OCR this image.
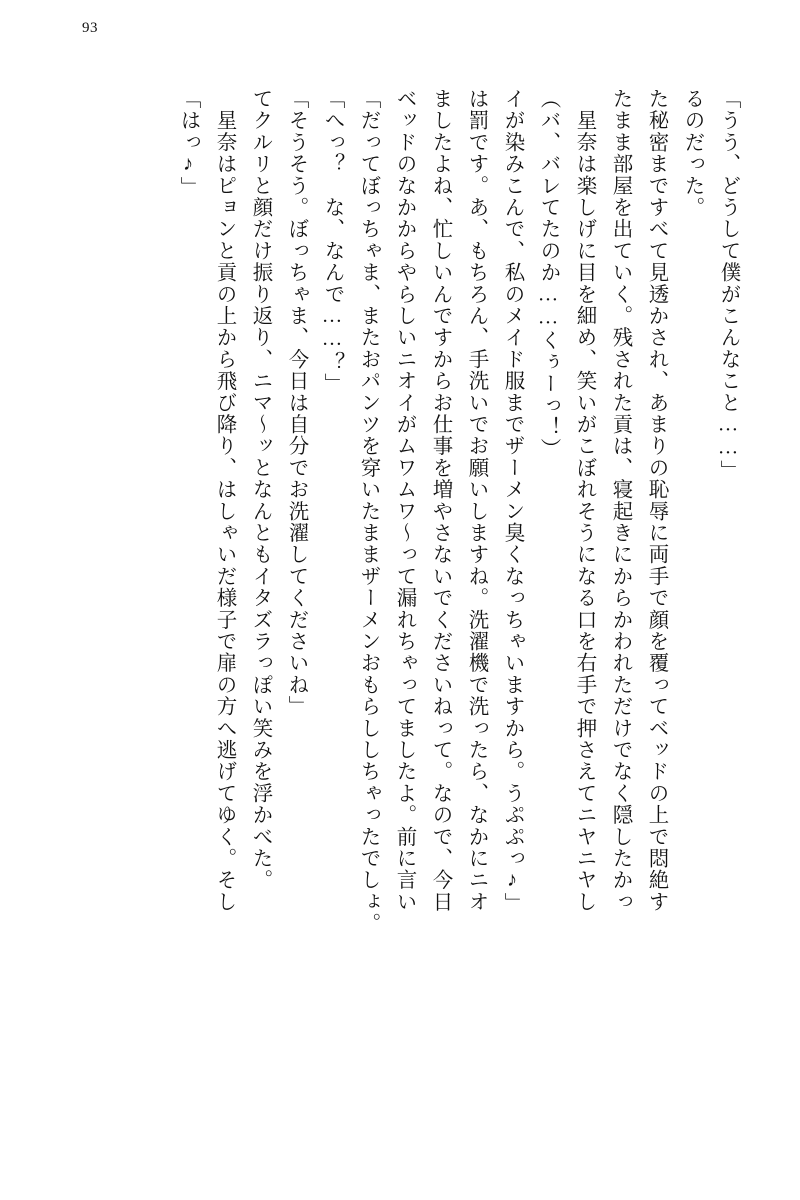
93

「うう、どうして僕がこんなこと……」

るのだった。

た秘密まですべて見透かされ、あまりの恥辱に両手で顔を覆ってベッドの上で悶絶す

たまま部屋を出ていく。残された貢は、寝起きにからかわれただけでなく隠したかっ

　星奈は楽しげに目を細め、笑いがこぼれそうになる口を右手で押さえてニヤニヤし

（バ、バレてたのか……くぅーっ！）

イが染みこんで、私のメイド服までザーメン臭くなっちゃいますから。うぷぷっ♪」

は罰です。あ、もちろん、手洗いでお願いしますね。洗濯機で洗ったら、なかにニオ

ましたよね、忙しいんですからお仕事を増やさないでくださいねって。なので、今日

ベッドのなかからやらしいニオイがムワムワ〜って漏れちゃってましたよ。前に言い

「だってぼっちゃま、またおパンツを穿いたままザーメンおもらししちゃったでしょ。

「へっ？　な、なんで……？」

「そうそう。ぼっちゃま、今日は自分でお洗濯してくださいね」

てクルリと顔だけ振り返り、ニマ〜ッとなんともイタズラっぽい笑みを浮かべた。

　星奈はピョンと貢の上から飛び降り、はしゃいだ様子で扉の方へ逃げてゆく。そし

「はっ♪」
